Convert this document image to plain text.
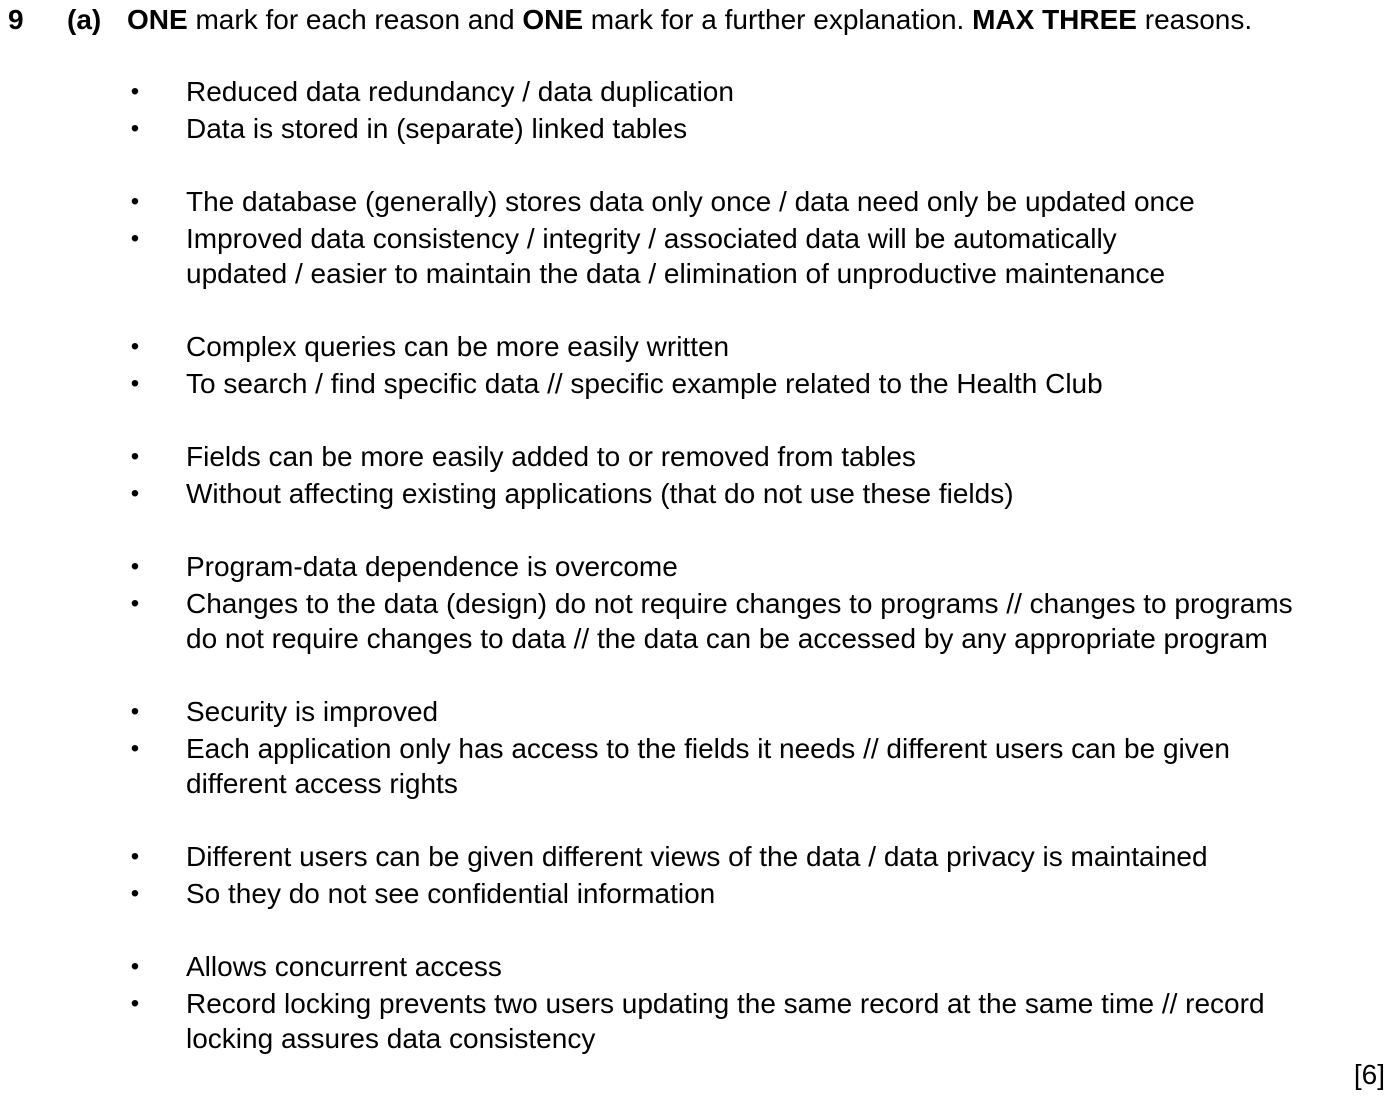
9 (a) ONE mark for each reason and ONE mark for a further explanation. MAX THREE reasons.
• Reduced data redundancy / data duplication
• Data is stored in (separate) linked tables
• The database (generally) stores data only once / data need only be updated once
• Improved data consistency / integrity / associated data will be automatically
updated / easier to maintain the data / elimination of unproductive maintenance
• Complex queries can be more easily written
• To search / find specific data // specific example related to the Health Club
• Fields can be more easily added to or removed from tables
• Without affecting existing applications (that do not use these fields)
• Program-data dependence is overcome
• Changes to the data (design) do not require changes to programs // changes to programs
do not require changes to data // the data can be accessed by any appropriate program
• Security is improved
• Each application only has access to the fields it needs // different users can be given
different access rights
• Different users can be given different views of the data / data privacy is maintained
• So they do not see confidential information
• Allows concurrent access
• Record locking prevents two users updating the same record at the same time // record
locking assures data consistency
[6]
